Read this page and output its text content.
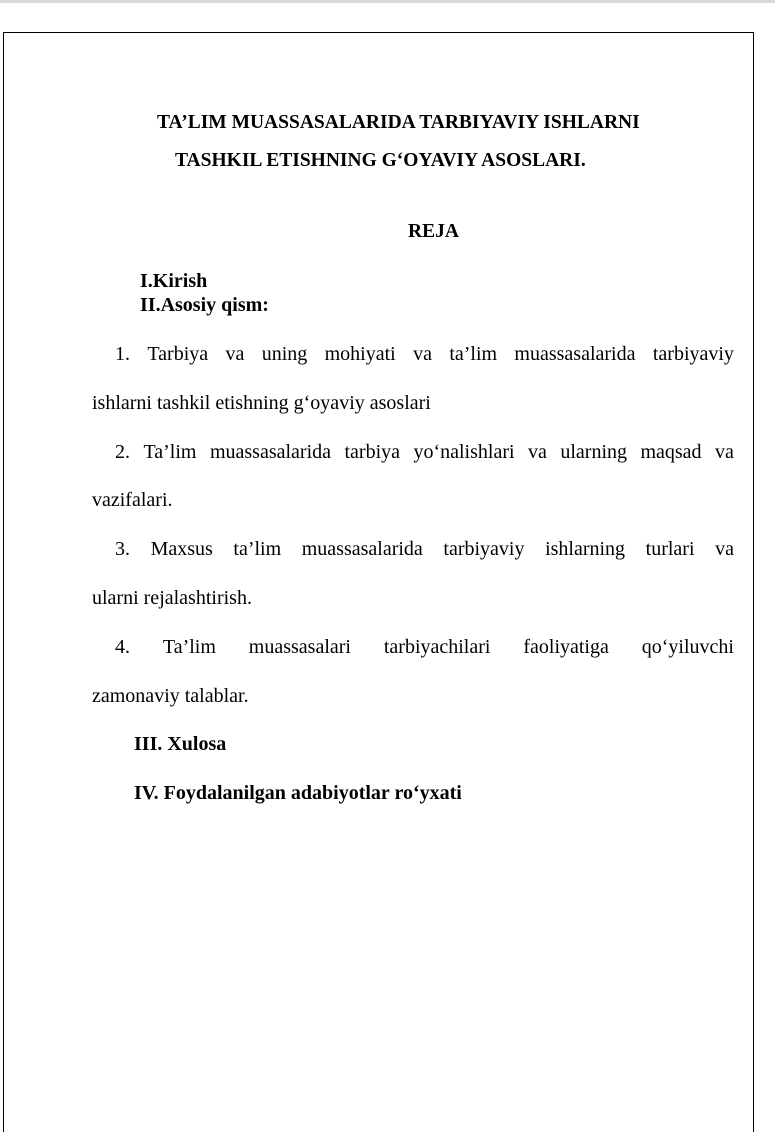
TA’LIM MUASSASALARIDA TARBIYAVIY ISHLARNI
TASHKIL ETISHNING G‘OYAVIY ASOSLARI.
REJA
I.Kirish
II.Asosiy qism:
1. Tarbiya va uning mohiyati va ta’lim muassasalarida tarbiyaviy
ishlarni tashkil etishning g‘oyaviy asoslari
2. Ta’lim muassasalarida tarbiya yo‘nalishlari va ularning maqsad va
vazifalari.
3. Maxsus ta’lim muassasalarida tarbiyaviy ishlarning turlari va
ularni rejalashtirish.
4. Ta’lim muassasalari tarbiyachilari faoliyatiga qo‘yiluvchi
zamonaviy talablar.
III. Xulosa
IV. Foydalanilgan adabiyotlar ro‘yxati
